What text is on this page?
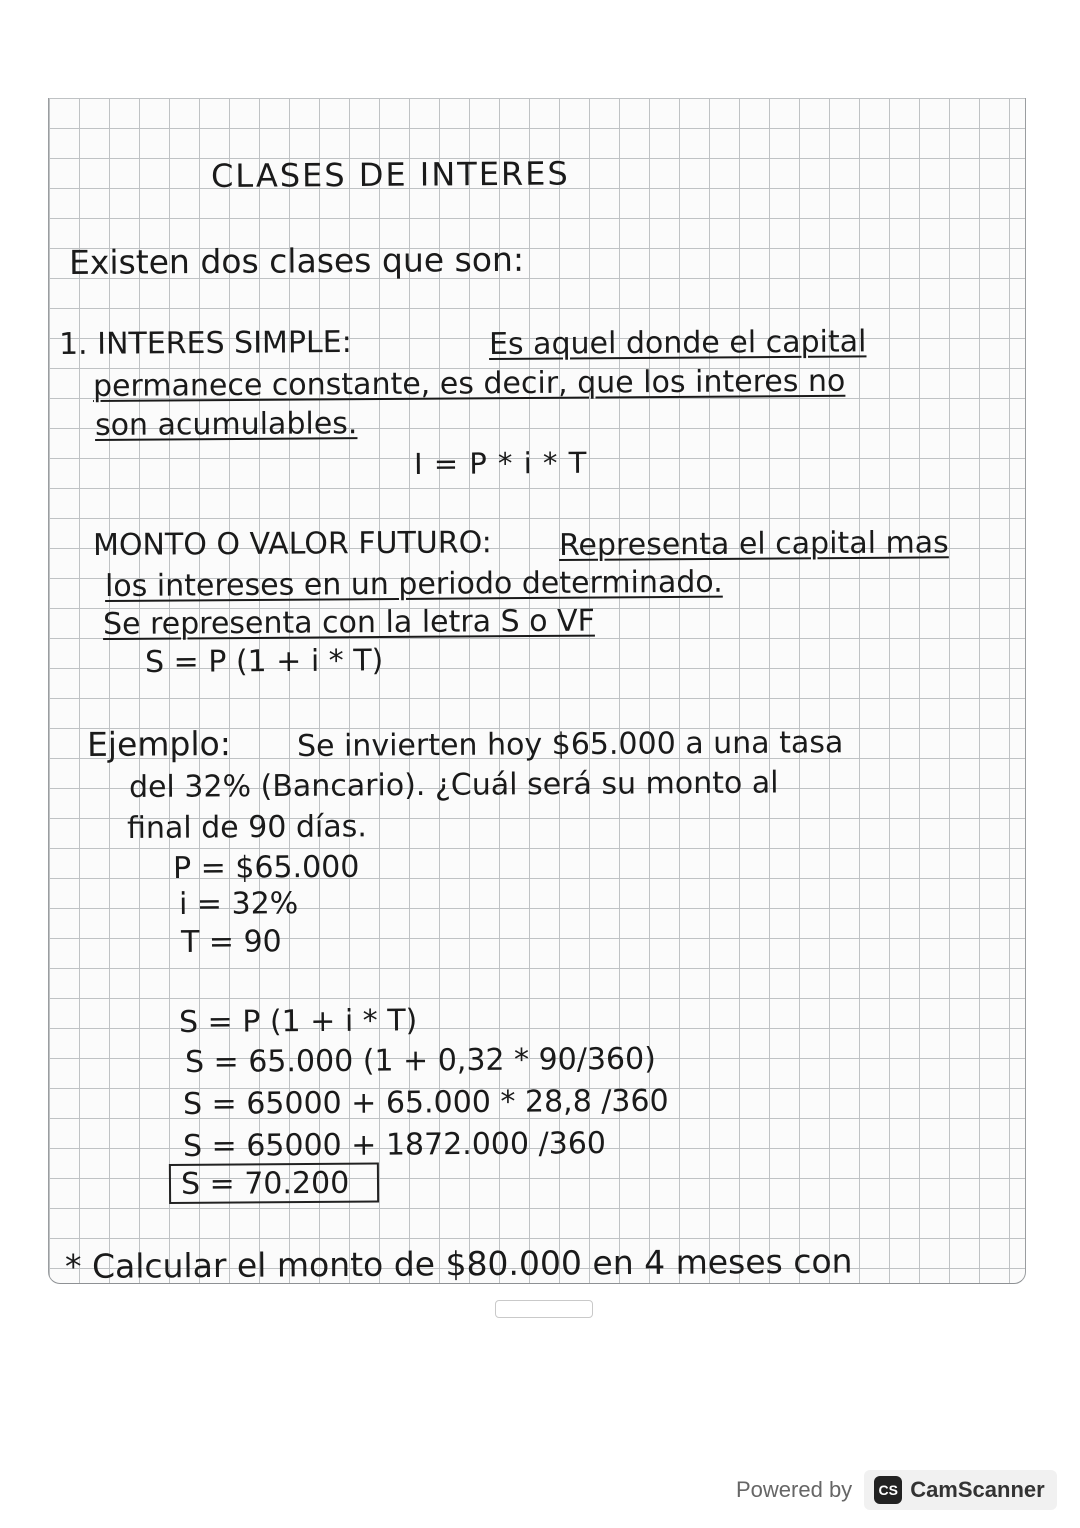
CLASES DE INTERES
Existen dos clases que son:
1. INTERES SIMPLE:	Es aquel donde el capital
permanece constante, es decir, que los interes no
son acumulables.
I = P * i * T
MONTO O VALOR FUTURO: Representa el capital mas
los intereses en un periodo determinado.
Se representa con la letra S o VF
S = P (1 + i * T)
Ejemplo: Se invierten hoy $65.000 a una tasa
del 32% (Bancario). ¿Cuál será su monto al
final de 90 días.
P = $65.000
i = 32%
T = 90
S = P (1 + i * T)
S = 65.000 (1 + 0,32 * 90/360)
S = 65000 + 65.000 * 28,8 /360
S = 65000 + 1872.000 /360
S = 70.200
* Calcular el monto de $80.000 en 4 meses con
Powered by	CS CamScanner
